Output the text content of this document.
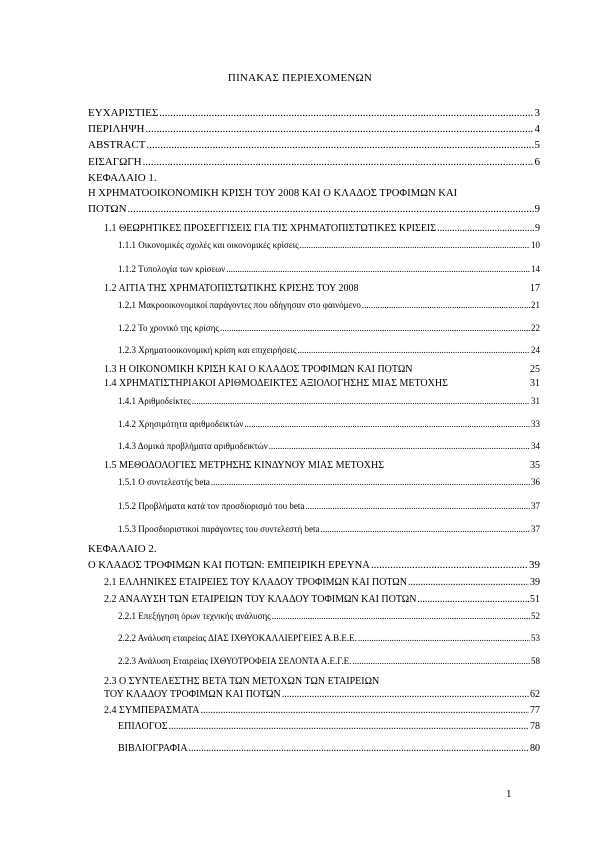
ΠΙΝΑΚΑΣ ΠΕΡΙΕΧΟΜΕΝΩΝ
ΕΥΧΑΡΙΣΤΙΕΣ .....	3
ΠΕΡΙΛΗΨΗ .....	4
ABSTRACT .....	5
ΕΙΣΑΓΩΓΗ .....	6
ΚΕΦΑΛΑΙΟ 1.
Η ΧΡΗΜΑΤΟΟΙΚΟΝΟΜΙΚΗ ΚΡΙΣΗ ΤΟΥ 2008 ΚΑΙ Ο ΚΛΑΔΟΣ ΤΡΟΦΙΜΩΝ ΚΑΙ
ΠΟΤΩΝ .....	9
1.1 ΘΕΩΡΗΤΙΚΕΣ ΠΡΟΣΕΓΓΙΣΕΙΣ ΓΙΑ ΤΙΣ ΧΡΗΜΑΤΟΠΙΣΤΩΤΙΚΕΣ ΚΡΙΣΕΙΣ .....	9
1.1.1 Οικονομικές σχολές και οικονομικές κρίσεις .....	10
1.1.2 Τυπολογία των κρίσεων .....	14
1.2 ΑΙΤΙΑ ΤΗΣ ΧΡΗΜΑΤΟΠΙΣΤΩΤΙΚΗΣ ΚΡΙΣΗΣ ΤΟΥ 2008	17
1.2.1 Μακροοικονομικοί παράγοντες που οδήγησαν στο φαινόμενο .....	21
1.2.2 Το χρονικό της κρίσης .....	22
1.2.3 Χρηματοοικονομική κρίση και επιχειρήσεις .....	24
1.3 Η ΟΙΚΟΝΟΜΙΚΗ ΚΡΙΣΗ ΚΑΙ Ο ΚΛΑΔΟΣ ΤΡΟΦΙΜΩΝ ΚΑΙ ΠΟΤΩΝ	25
1.4 ΧΡΗΜΑΤΙΣΤΗΡΙΑΚΟΙ ΑΡΙΘΜΟΔΕΙΚΤΕΣ ΑΞΙΟΛΟΓΗΣΗΣ ΜΙΑΣ ΜΕΤΟΧΗΣ	31
1.4.1 Αριθμοδείκτες .....	31
1.4.2 Χρησιμότητα αριθμοδεικτών .....	33
1.4.3 Δομικά προβλήματα αριθμοδεικτών .....	34
1.5 ΜΕΘΟΔΟΛΟΓΙΕΣ ΜΕΤΡΗΣΗΣ ΚΙΝΔΥΝΟΥ ΜΙΑΣ ΜΕΤΟΧΗΣ	35
1.5.1 Ο συντελεστής beta .....	36
1.5.2 Προβλήματα κατά τον προσδιορισμό του beta .....	37
1.5.3 Προσδιοριστικοί παράγοντες του συντελεστή beta .....	37
ΚΕΦΑΛΑΙΟ 2.
Ο ΚΛΑΔΟΣ ΤΡΟΦΙΜΩΝ ΚΑΙ ΠΟΤΩΝ: ΕΜΠΕΙΡΙΚΗ ΕΡΕΥΝΑ .....	39
2.1 ΕΛΛΗΝΙΚΕΣ ΕΤΑΙΡΕΙΕΣ ΤΟΥ ΚΛΑΔΟΥ ΤΡΟΦΙΜΩΝ ΚΑΙ ΠΟΤΩΝ .....	39
2.2 ΑΝΑΛΥΣΗ ΤΩΝ ΕΤΑΙΡΕΙΩΝ ΤΟΥ ΚΛΑΔΟΥ ΤΟΦΙΜΩΝ ΚΑΙ ΠΟΤΩΝ .....	51
2.2.1 Επεξήγηση όρων τεχνικής ανάλυσης .....	52
2.2.2 Ανάλυση εταιρείας ΔΙΑΣ ΙΧΘΥΟΚΑΛΛΙΕΡΓΕΙΕΣ Α.Β.Ε.Ε. .....	53
2.2.3 Ανάλυση Εταιρείας ΙΧΘΥΟΤΡΟΦΕΙΑ ΣΕΛΟΝΤΑ Α.Ε.Γ.Ε. .....	58
2.3 Ο ΣΥΝΤΕΛΕΣΤΗΣ ΒΕΤΑ ΤΩΝ ΜΕΤΟΧΩΝ ΤΩΝ ΕΤΑΙΡΕΙΩΝ
ΤΟΥ ΚΛΑΔΟΥ ΤΡΟΦΙΜΩΝ ΚΑΙ ΠΟΤΩΝ .....	62
2.4 ΣΥΜΠΕΡΑΣΜΑΤΑ .....	77
ΕΠΙΛΟΓΟΣ .....	78
ΒΙΒΛΙΟΓΡΑΦΙΑ .....	80
1
